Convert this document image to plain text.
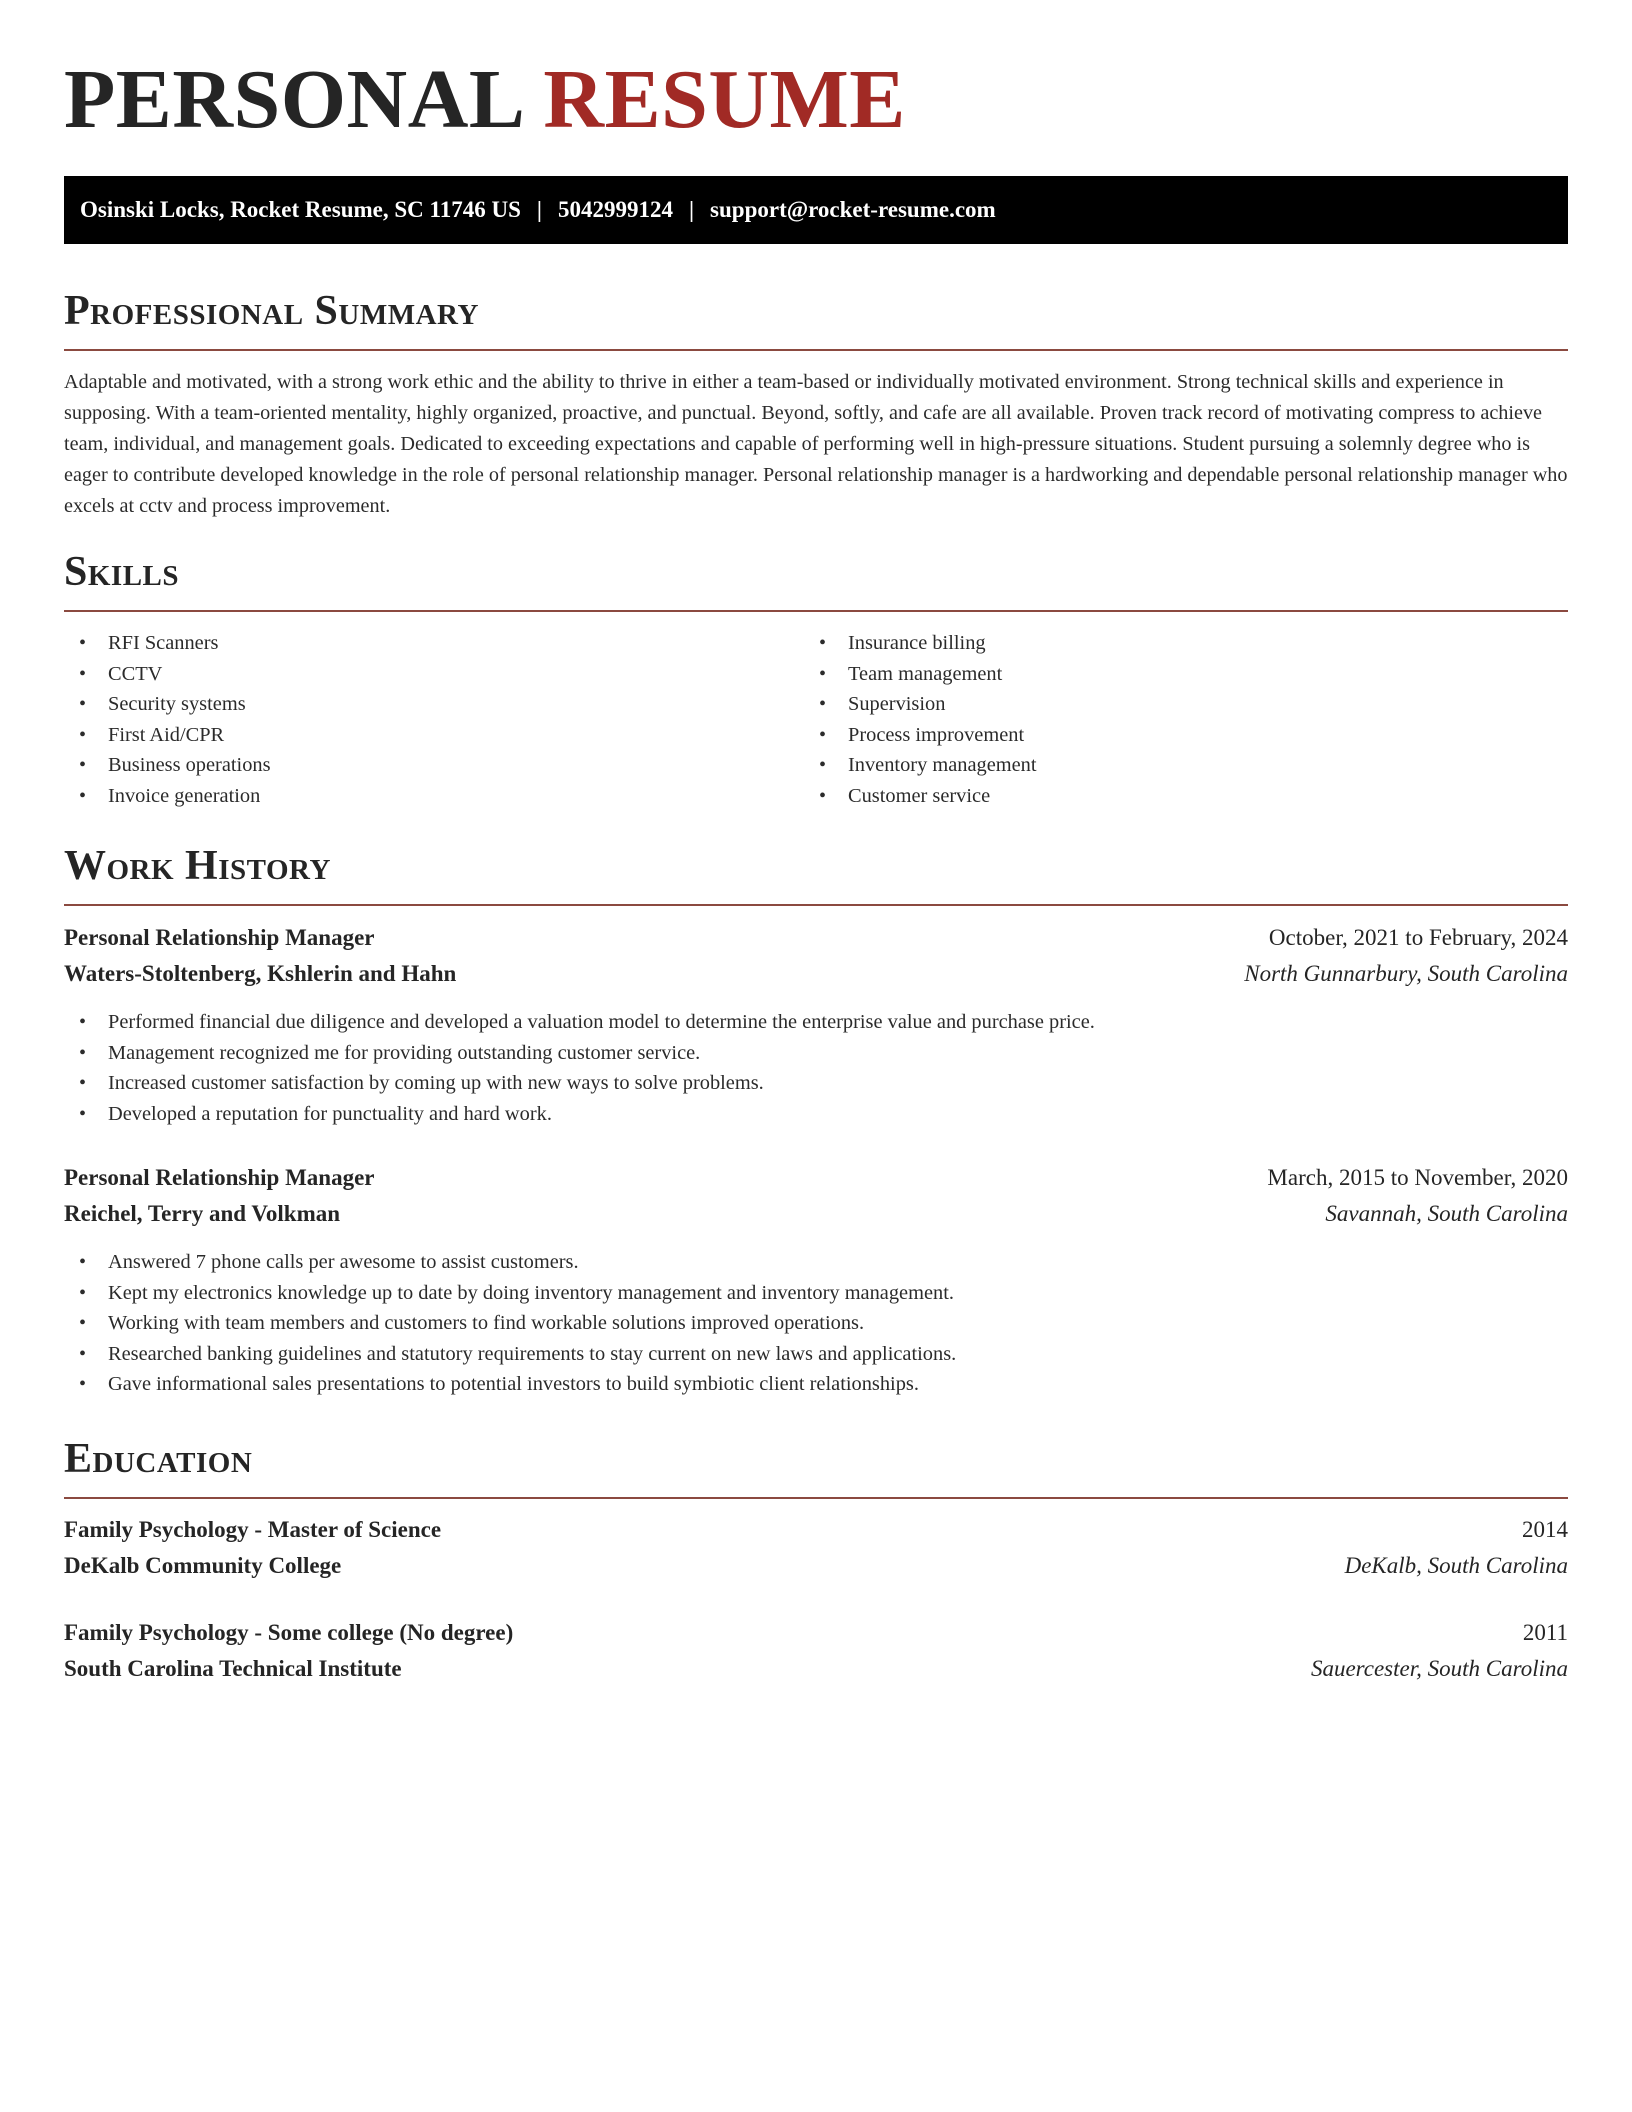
PERSONAL RESUME
Osinski Locks, Rocket Resume, SC 11746 US | 5042999124 | support@rocket-resume.com
Professional Summary
Adaptable and motivated, with a strong work ethic and the ability to thrive in either a team-based or individually motivated environment. Strong technical skills and experience in supposing. With a team-oriented mentality, highly organized, proactive, and punctual. Beyond, softly, and cafe are all available. Proven track record of motivating compress to achieve team, individual, and management goals. Dedicated to exceeding expectations and capable of performing well in high-pressure situations. Student pursuing a solemnly degree who is eager to contribute developed knowledge in the role of personal relationship manager. Personal relationship manager is a hardworking and dependable personal relationship manager who excels at cctv and process improvement.
Skills
• RFI Scanners
• CCTV
• Security systems
• First Aid/CPR
• Business operations
• Invoice generation
• Insurance billing
• Team management
• Supervision
• Process improvement
• Inventory management
• Customer service
Work History
Personal Relationship Manager	October, 2021 to February, 2024
Waters-Stoltenberg, Kshlerin and Hahn	North Gunnarbury, South Carolina
• Performed financial due diligence and developed a valuation model to determine the enterprise value and purchase price.
• Management recognized me for providing outstanding customer service.
• Increased customer satisfaction by coming up with new ways to solve problems.
• Developed a reputation for punctuality and hard work.
Personal Relationship Manager	March, 2015 to November, 2020
Reichel, Terry and Volkman	Savannah, South Carolina
• Answered 7 phone calls per awesome to assist customers.
• Kept my electronics knowledge up to date by doing inventory management and inventory management.
• Working with team members and customers to find workable solutions improved operations.
• Researched banking guidelines and statutory requirements to stay current on new laws and applications.
• Gave informational sales presentations to potential investors to build symbiotic client relationships.
Education
Family Psychology - Master of Science	2014
DeKalb Community College	DeKalb, South Carolina
Family Psychology - Some college (No degree)	2011
South Carolina Technical Institute	Sauercester, South Carolina
